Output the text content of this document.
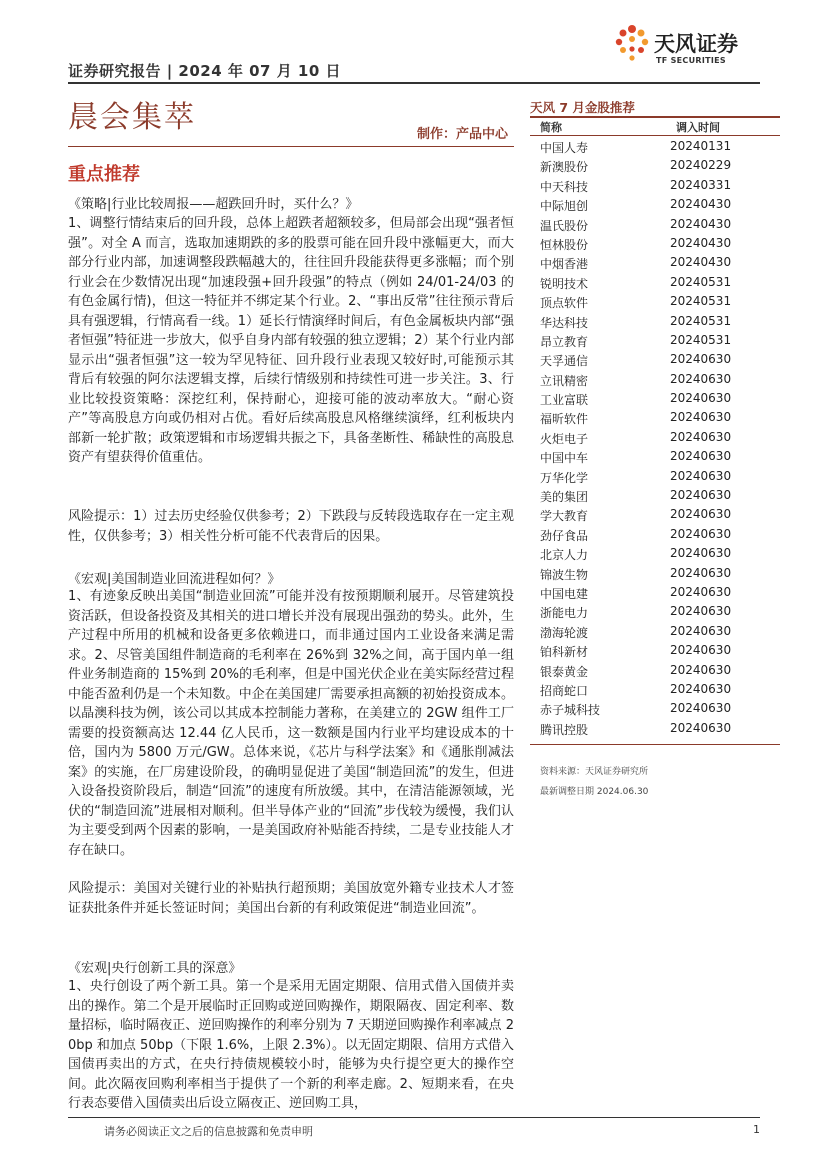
证券研究报告 | 2024 年 07 月 10 日
天风证券
TF SECURITIES
晨会集萃	制作：产品中心
重点推荐
《策略|行业比较周报——超跌回升时，买什么？》
1、调整行情结束后的回升段，总体上超跌者超额较多，但局部会出现“强者恒强”。对全 A 而言，选取加速期跌的多的股票可能在回升段中涨幅更大，而大部分行业内部，加速调整段跌幅越大的，往往回升段能获得更多涨幅；而个别行业会在少数情况出现“加速段强+回升段强”的特点（例如 24/01-24/03 的有色金属行情)，但这一特征并不绑定某个行业。2、“事出反常”往往预示背后具有强逻辑，行情高看一线。1）延长行情演绎时间后，有色金属板块内部“强者恒强”特征进一步放大，似乎自身内部有较强的独立逻辑；2）某个行业内部显示出“强者恒强”这一较为罕见特征、回升段行业表现又较好时,可能预示其背后有较强的阿尔法逻辑支撑，后续行情级别和持续性可进一步关注。3、行业比较投资策略：深挖红利，保持耐心，迎接可能的波动率放大。“耐心资产”等高股息方向或仍相对占优。看好后续高股息风格继续演绎，红利板块内部新一轮扩散；政策逻辑和市场逻辑共振之下，具备垄断性、稀缺性的高股息资产有望获得价值重估。
风险提示：1）过去历史经验仅供参考；2）下跌段与反转段选取存在一定主观性，仅供参考；3）相关性分析可能不代表背后的因果。
《宏观|美国制造业回流进程如何？》
1、有迹象反映出美国“制造业回流”可能并没有按预期顺利展开。尽管建筑投资活跃，但设备投资及其相关的进口增长并没有展现出强劲的势头。此外，生产过程中所用的机械和设备更多依赖进口，而非通过国内工业设备来满足需求。2、尽管美国组件制造商的毛利率在 26%到 32%之间，高于国内单一组件业务制造商的 15%到 20%的毛利率，但是中国光伏企业在美实际经营过程中能否盈利仍是一个未知数。中企在美国建厂需要承担高额的初始投资成本。以晶澳科技为例，该公司以其成本控制能力著称，在美建立的 2GW 组件工厂需要的投资额高达 12.44 亿人民币，这一数额是国内行业平均建设成本的十倍，国内为 5800 万元/GW。总体来说，《芯片与科学法案》和《通胀削减法案》的实施，在厂房建设阶段，的确明显促进了美国“制造回流”的发生，但进入设备投资阶段后，制造“回流”的速度有所放缓。其中，在清洁能源领域，光伏的“制造回流”进展相对顺利。但半导体产业的“回流”步伐较为缓慢，我们认为主要受到两个因素的影响，一是美国政府补贴能否持续，二是专业技能人才存在缺口。
风险提示：美国对关键行业的补贴执行超预期；美国放宽外籍专业技术人才签证获批条件并延长签证时间；美国出台新的有利政策促进“制造业回流”。
《宏观|央行创新工具的深意》
1、央行创设了两个新工具。第一个是采用无固定期限、信用式借入国债并卖出的操作。第二个是开展临时正回购或逆回购操作，期限隔夜、固定利率、数量招标，临时隔夜正、逆回购操作的利率分别为 7 天期逆回购操作利率减点 20bp 和加点 50bp（下限 1.6%，上限 2.3%）。以无固定期限、信用方式借入国债再卖出的方式，在央行持债规模较小时，能够为央行提空更大的操作空间。此次隔夜回购利率相当于提供了一个新的利率走廊。2、短期来看，在央行表态要借入国债卖出后设立隔夜正、逆回购工具，
天风 7 月金股推荐
简称	调入时间
中国人寿	20240131
新澳股份	20240229
中天科技	20240331
中际旭创	20240430
温氏股份	20240430
恒林股份	20240430
中烟香港	20240430
锐明技术	20240531
顶点软件	20240531
华达科技	20240531
昂立教育	20240531
天孚通信	20240630
立讯精密	20240630
工业富联	20240630
福昕软件	20240630
火炬电子	20240630
中国中车	20240630
万华化学	20240630
美的集团	20240630
学大教育	20240630
劲仔食品	20240630
北京人力	20240630
锦波生物	20240630
中国电建	20240630
浙能电力	20240630
渤海轮渡	20240630
铂科新材	20240630
银泰黄金	20240630
招商蛇口	20240630
赤子城科技	20240630
腾讯控股	20240630
资料来源：天风证券研究所
最新调整日期 2024.06.30
请务必阅读正文之后的信息披露和免责申明	1
